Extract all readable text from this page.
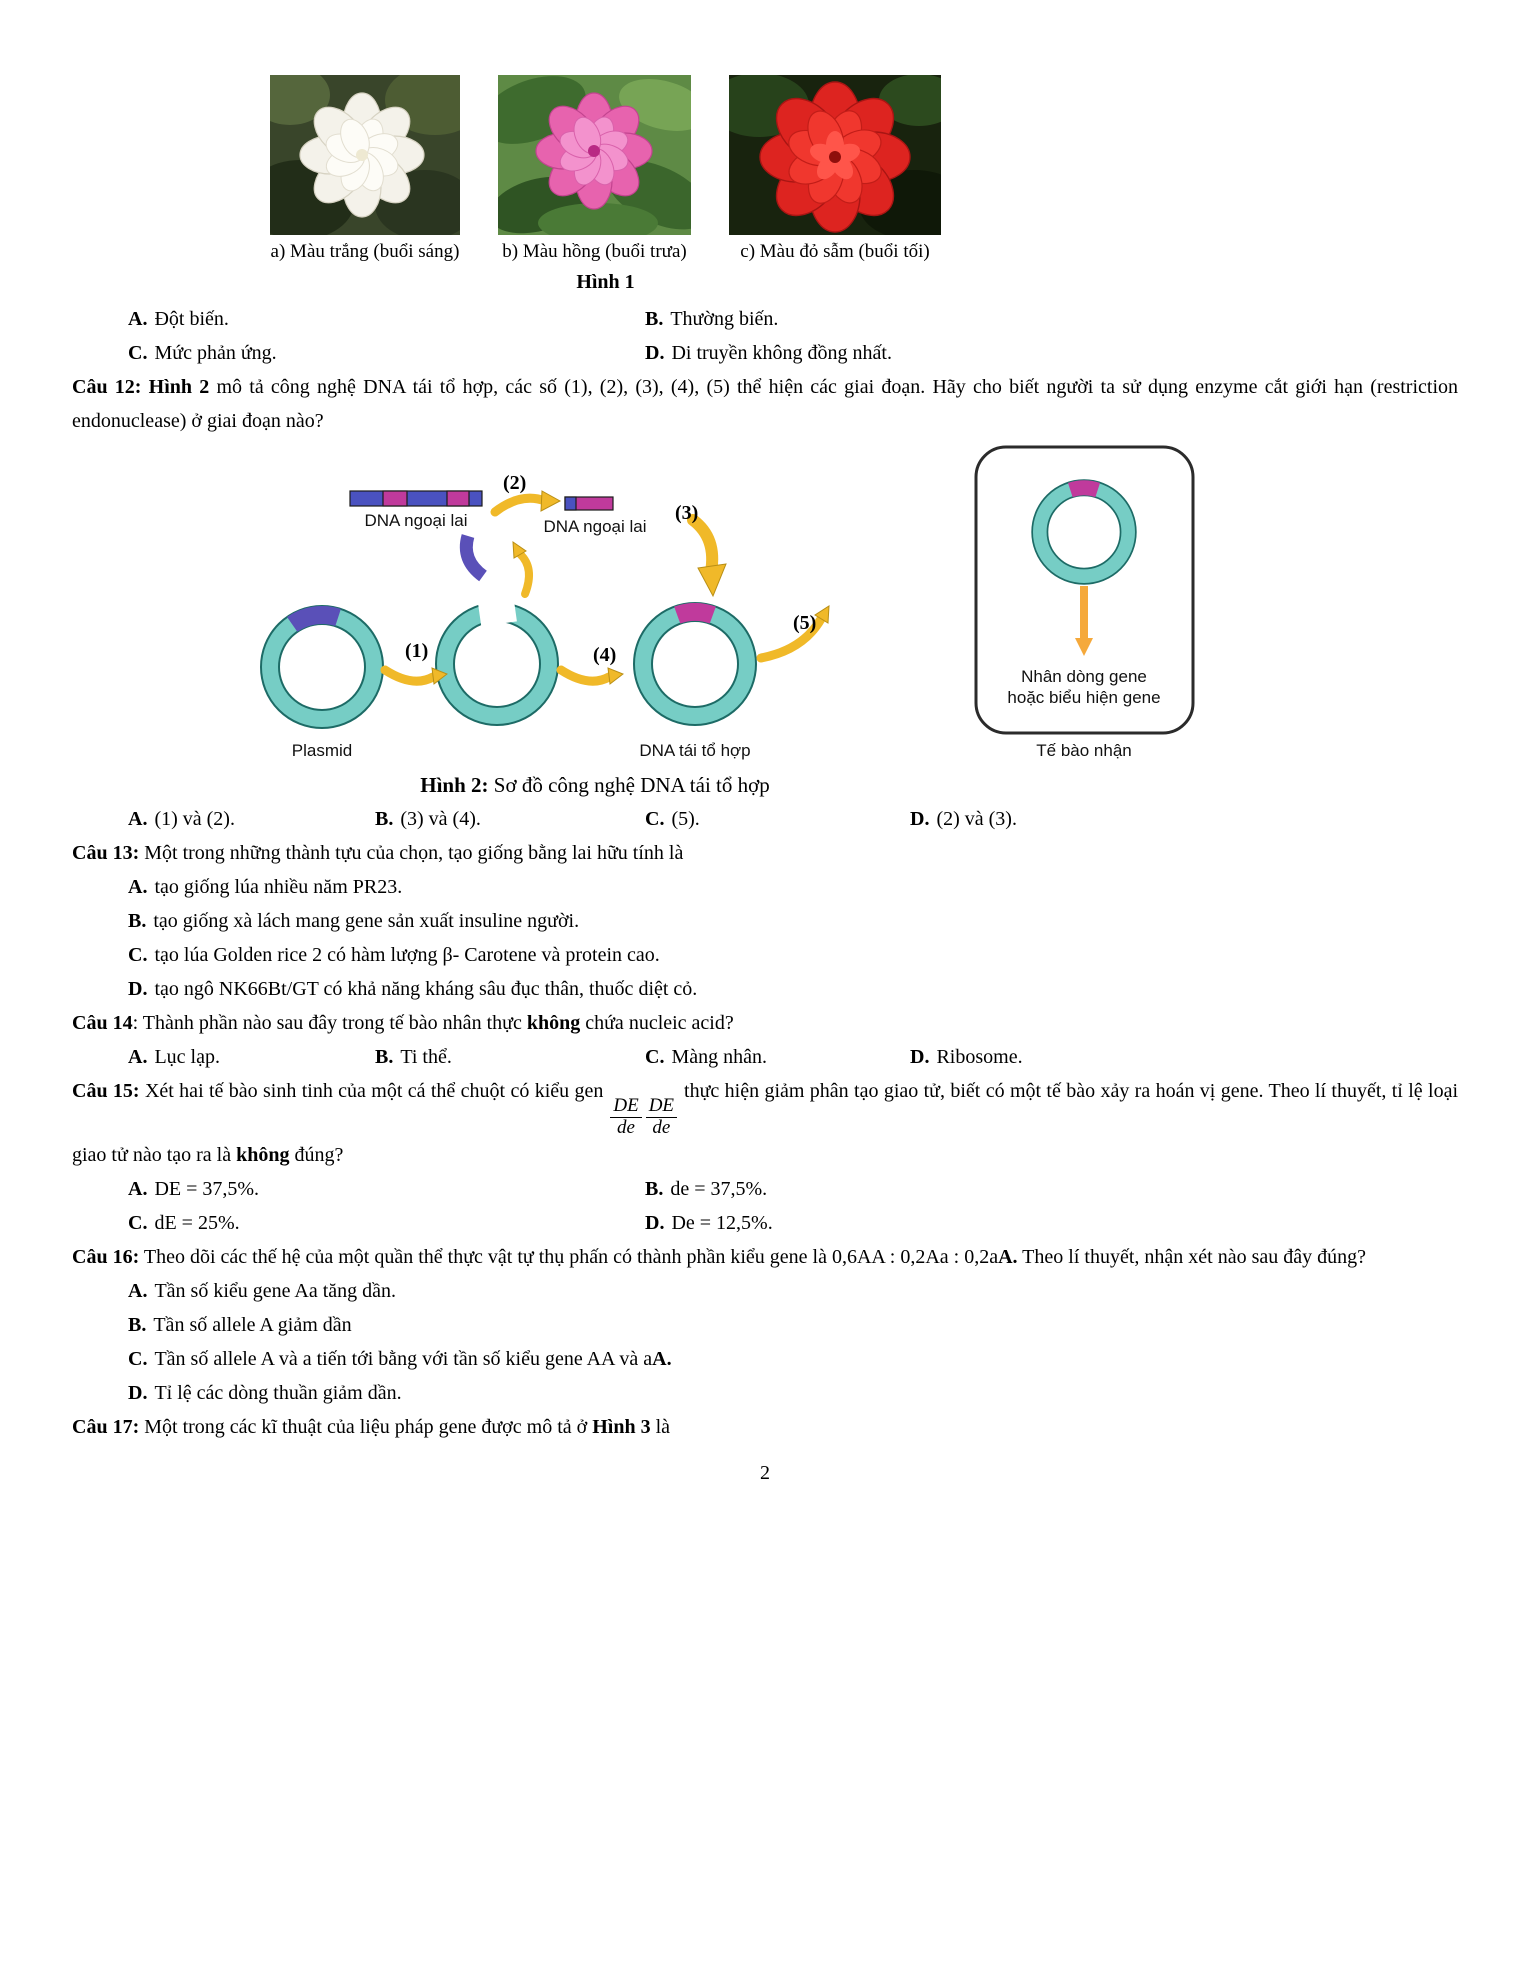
a) Màu trắng (buổi sáng) b) Màu hồng (buổi trưa)	c) Màu đỏ sẫm (buổi tối)
Hình 1
A. Đột biến.	B. Thường biến.
C. Mức phản ứng.	D. Di truyền không đồng nhất.

Câu 12: Hình 2 mô tả công nghệ DNA tái tổ hợp, các số (1), (2), (3), (4), (5) thể hiện các giai đoạn. Hãy cho biết người ta sử dụng enzyme cắt giới hạn (restriction endonuclease) ở giai đoạn nào?

DNA ngoại lai	DNA ngoại lai
(2)
(3)
(1)	(4)
(5)
Nhân dòng gene
hoặc biểu hiện gene
Plasmid	DNA tái tổ hợp	Tế bào nhận
Hình 2: Sơ đồ công nghệ DNA tái tổ hợp
A. (1) và (2).	B. (3) và (4).	C. (5).	D. (2) và (3).

Câu 13: Một trong những thành tựu của chọn, tạo giống bằng lai hữu tính là

A. tạo giống lúa nhiều năm PR23.
B. tạo giống xà lách mang gene sản xuất insuline người.
C. tạo lúa Golden rice 2 có hàm lượng β- Carotene và protein cao.
D. tạo ngô NK66Bt/GT có khả năng kháng sâu đục thân, thuốc diệt cỏ.

Câu 14: Thành phần nào sau đây trong tế bào nhân thực không chứa nucleic acid?

A. Lục lạp.	B. Ti thể.	C. Màng nhân.	D. Ribosome.

Câu 15: Xét hai tế bào sinh tinh của một cá thể chuột có kiểu gen
$\frac{DE}{de} \frac{DE}{de}$
thực hiện giảm phân tạo giao tử, biết có một tế bào xảy ra hoán vị gene. Theo lí thuyết, tỉ lệ loại giao tử nào tạo ra là không đúng?

A. DE = 37,5%.	B. de = 37,5%.
C. dE = 25%.	D. De = 12,5%.

Câu 16: Theo dõi các thế hệ của một quần thể thực vật tự thụ phấn có thành phần kiểu gene là 0,6AA : 0,2Aa : 0,2aA. Theo lí thuyết, nhận xét nào sau đây đúng?

A. Tần số kiểu gene Aa tăng dần.
B. Tần số allele A giảm dần
C. Tần số allele A và a tiến tới bằng với tần số kiểu gene AA và aA.
D. Tỉ lệ các dòng thuần giảm dần.

Câu 17: Một trong các kĩ thuật của liệu pháp gene được mô tả ở Hình 3 là

2
